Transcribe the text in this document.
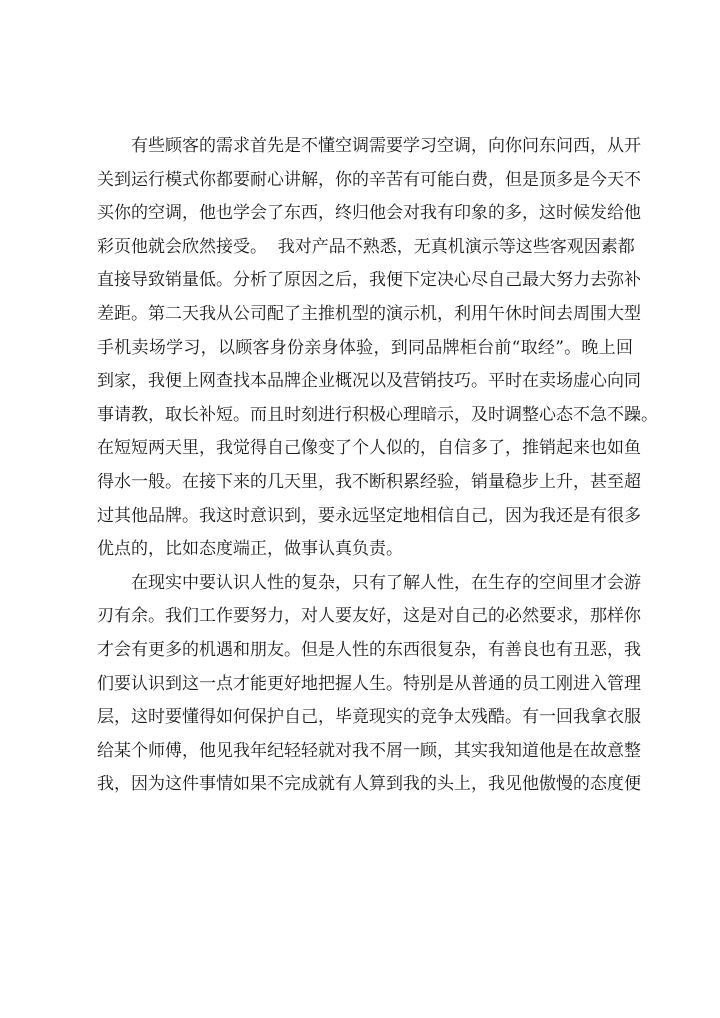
有些顾客的需求首先是不懂空调需要学习空调，向你问东问西，从开
关到运行模式你都要耐心讲解，你的辛苦有可能白费，但是顶多是今天不
买你的空调，他也学会了东西，终归他会对我有印象的多，这时候发给他
彩页他就会欣然接受。  我对产品不熟悉，无真机演示等这些客观因素都
直接导致销量低。分析了原因之后，我便下定决心尽自己最大努力去弥补
差距。第二天我从公司配了主推机型的演示机，利用午休时间去周围大型
手机卖场学习，以顾客身份亲身体验，到同品牌柜台前“取经”。晚上回
到家，我便上网查找本品牌企业概况以及营销技巧。平时在卖场虚心向同
事请教，取长补短。而且时刻进行积极心理暗示，及时调整心态不急不躁。
在短短两天里，我觉得自己像变了个人似的，自信多了，推销起来也如鱼
得水一般。在接下来的几天里，我不断积累经验，销量稳步上升，甚至超
过其他品牌。我这时意识到，要永远坚定地相信自己，因为我还是有很多
优点的，比如态度端正，做事认真负责。
在现实中要认识人性的复杂，只有了解人性，在生存的空间里才会游
刃有余。我们工作要努力，对人要友好，这是对自己的必然要求，那样你
才会有更多的机遇和朋友。但是人性的东西很复杂，有善良也有丑恶，我
们要认识到这一点才能更好地把握人生。特别是从普通的员工刚进入管理
层，这时要懂得如何保护自己，毕竟现实的竞争太残酷。有一回我拿衣服
给某个师傅，他见我年纪轻轻就对我不屑一顾，其实我知道他是在故意整
我，因为这件事情如果不完成就有人算到我的头上，我见他傲慢的态度便
